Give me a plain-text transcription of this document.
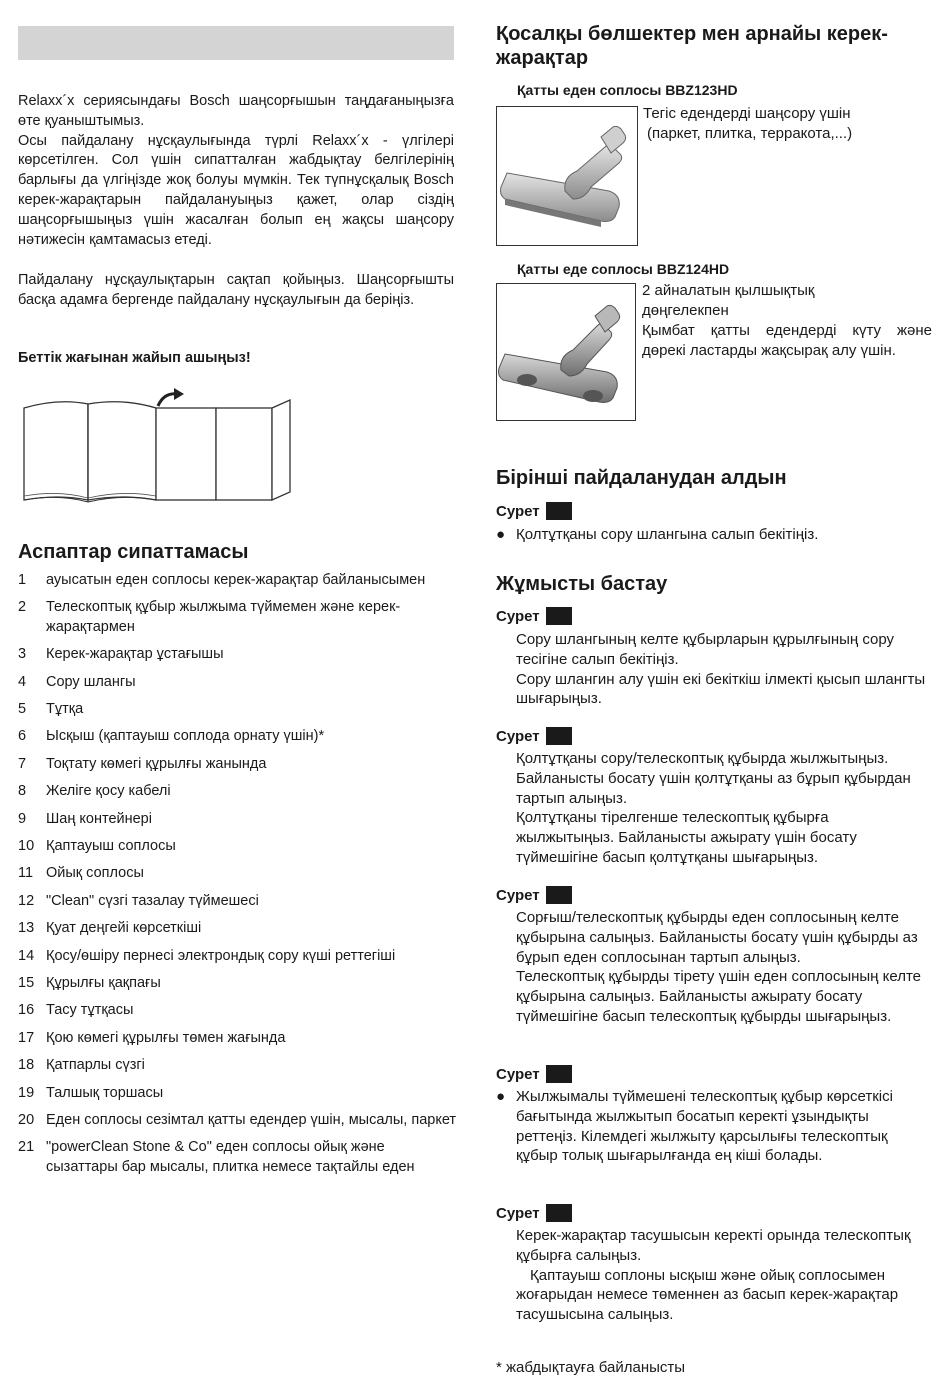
Relaxx´x сериясындағы Bosch шаңсорғышын таңдағаныңызға өте қуаныштымыз.

Осы пайдалану нұсқаулығында түрлі Relaxx´x - үлгілері көрсетілген. Сол үшін сипатталған жабдықтау белгілерінің барлығы да үлгіңізде жоқ болуы мүмкін. Тек түпнұсқалық Bosch керек-жарақтарын пайдалануыңыз қажет, олар сіздің шаңсорғышыңыз үшін жасалған болып ең жақсы шаңсору нәтижесін қамтамасыз етеді.

Пайдалану нұсқаулықтарын сақтап қойыңыз. Шаңсорғышты басқа адамға бергенде пайдалану нұсқаулығын да беріңіз.

Беттік жағынан жайып ашыңыз!
Аспаптар сипаттамасы
1	ауысатын еден соплосы керек-жарақтар байланысымен
2	Телескоптық құбыр жылжыма түймемен және керек-жарақтармен
3	Керек-жарақтар ұстағышы
4	Сору шлангы
5	Тұтқа
6	Ысқыш (қаптауыш соплода орнату үшін)*
7	Тоқтату көмегі құрылғы жанында
8	Желіге қосу кабелі
9	Шаң контейнері
10 Қаптауыш соплосы
11 Ойық соплосы
12 "Clean" сүзгі тазалау түймешесі
13 Қуат деңгейі көрсеткіші
14 Қосу/өшіру пернесі электрондық сору күші реттегіші
15 Құрылғы қақпағы
16 Тасу тұтқасы
17 Қою көмегі құрылғы төмен жағында
18 Қатпарлы сүзгі
19 Талшық торшасы
20 Еден соплосы сезімтал қатты едендер үшін, мысалы, паркет
21 "powerClean Stone & Co" еден соплосы ойық және сызаттары бар мысалы, плитка немесе тақтайлы еден
Қосалқы бөлшектер мен арнайы керек-жарақтар
Қатты еден соплосы BBZ123HD
Тегіс едендерді шаңсору үшін
(паркет, плитка, терракота,...)
Қатты еде соплосы BBZ124HD
2 айналатын қылшықтық
дөңгелекпен
Қымбат қатты едендерді күту және дөрекі ластарды жақсырақ алу үшін.
Бірінші пайдаланудан алдын
Сурет
● Қолтұтқаны сору шлангына салып бекітіңіз.
Жұмысты бастау
Сурет

Сору шлангының келте құбырларын құрылғының сору тесігіне салып бекітіңіз.

Сору шлангин алу үшін екі бекіткіш ілмекті қысып шлангты шығарыңыз.

Сурет

Қолтұтқаны сору/телескоптық құбырда жылжытыңыз. Байланысты босату үшін қолтұтқаны аз бұрып құбырдан тартып алыңыз.

Қолтұтқаны тірелгенше телескоптық құбырға жылжытыңыз. Байланысты ажырату үшін босату түймешігіне басып қолтұтқаны шығарыңыз.

Сурет

Сорғыш/телескоптық құбырды еден соплосының келте құбырына салыңыз. Байланысты босату үшін құбырды аз бұрып еден соплосынан тартып алыңыз.

Телескоптық құбырды тірету үшін еден соплосының келте құбырына салыңыз. Байланысты ажырату босату түймешігіне басып телескоптық құбырды шығарыңыз.

Сурет
● Жылжымалы түймешені телескоптық құбыр көрсеткісі бағытында жылжытып босатып керекті ұзындықты реттеңіз. Кілемдегі жылжыту қарсылығы телескоптық құбыр толық шығарылғанда ең кіші болады.
Сурет

Керек-жарақтар тасушысын керекті орында телескоптық құбырға салыңыз.

Қаптауыш соплоны ысқыш және ойық соплосымен жоғарыдан немесе төменнен аз басып керек-жарақтар тасушысына салыңыз.

* жабдықтауға байланысты
